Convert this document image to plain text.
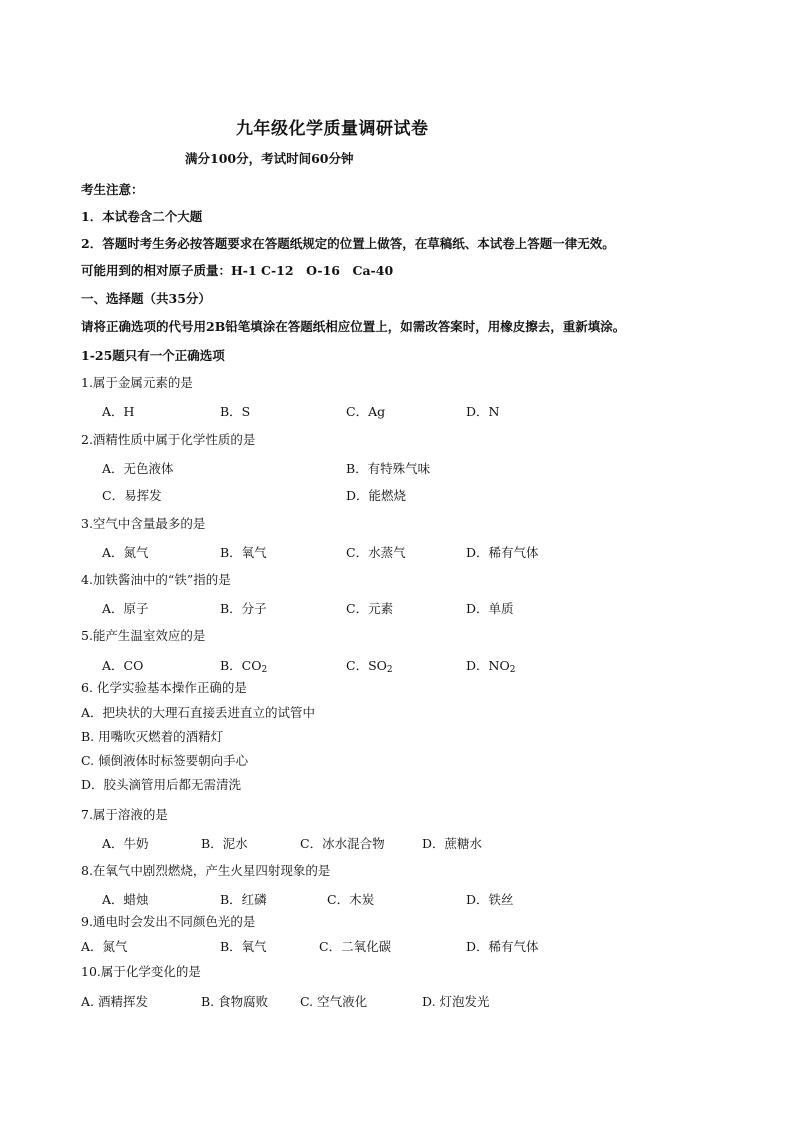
九年级化学质量调研试卷
满分100分，考试时间60分钟
考生注意：
1．本试卷含二个大题
2．答题时考生务必按答题要求在答题纸规定的位置上做答，在草稿纸、本试卷上答题一律无效。
可能用到的相对原子质量：H-1 C-12　O-16　Ca-40
一、选择题（共35分）
请将正确选项的代号用2B铅笔填涂在答题纸相应位置上，如需改答案时，用橡皮擦去，重新填涂。
1-25题只有一个正确选项
1.属于金属元素的是
A．H	B．S	C．Ag	D．N
2.酒精性质中属于化学性质的是
A．无色液体	B．有特殊气味
C．易挥发	D．能燃烧
3.空气中含量最多的是
A．氮气	B．氧气	C．水蒸气	D．稀有气体
4.加铁酱油中的“铁”指的是
A．原子	B．分子	C．元素	D．单质
5.能产生温室效应的是
A．CO	B．$CO_2$	C．$SO_2$	D．$NO_2$
6. 化学实验基本操作正确的是
A．把块状的大理石直接丢进直立的试管中
B. 用嘴吹灭燃着的酒精灯
C. 倾倒液体时标签要朝向手心
D．胶头滴管用后都无需清洗
7.属于溶液的是
A．牛奶	B．泥水	C．冰水混合物	D．蔗糖水
8.在氧气中剧烈燃烧，产生火星四射现象的是
A．蜡烛	B．红磷	C．木炭	D．铁丝
9.通电时会发出不同颜色光的是
A．氮气	B．氧气	C．二氧化碳	D．稀有气体
10.属于化学变化的是
A. 酒精挥发	B. 食物腐败	C. 空气液化	D. 灯泡发光
